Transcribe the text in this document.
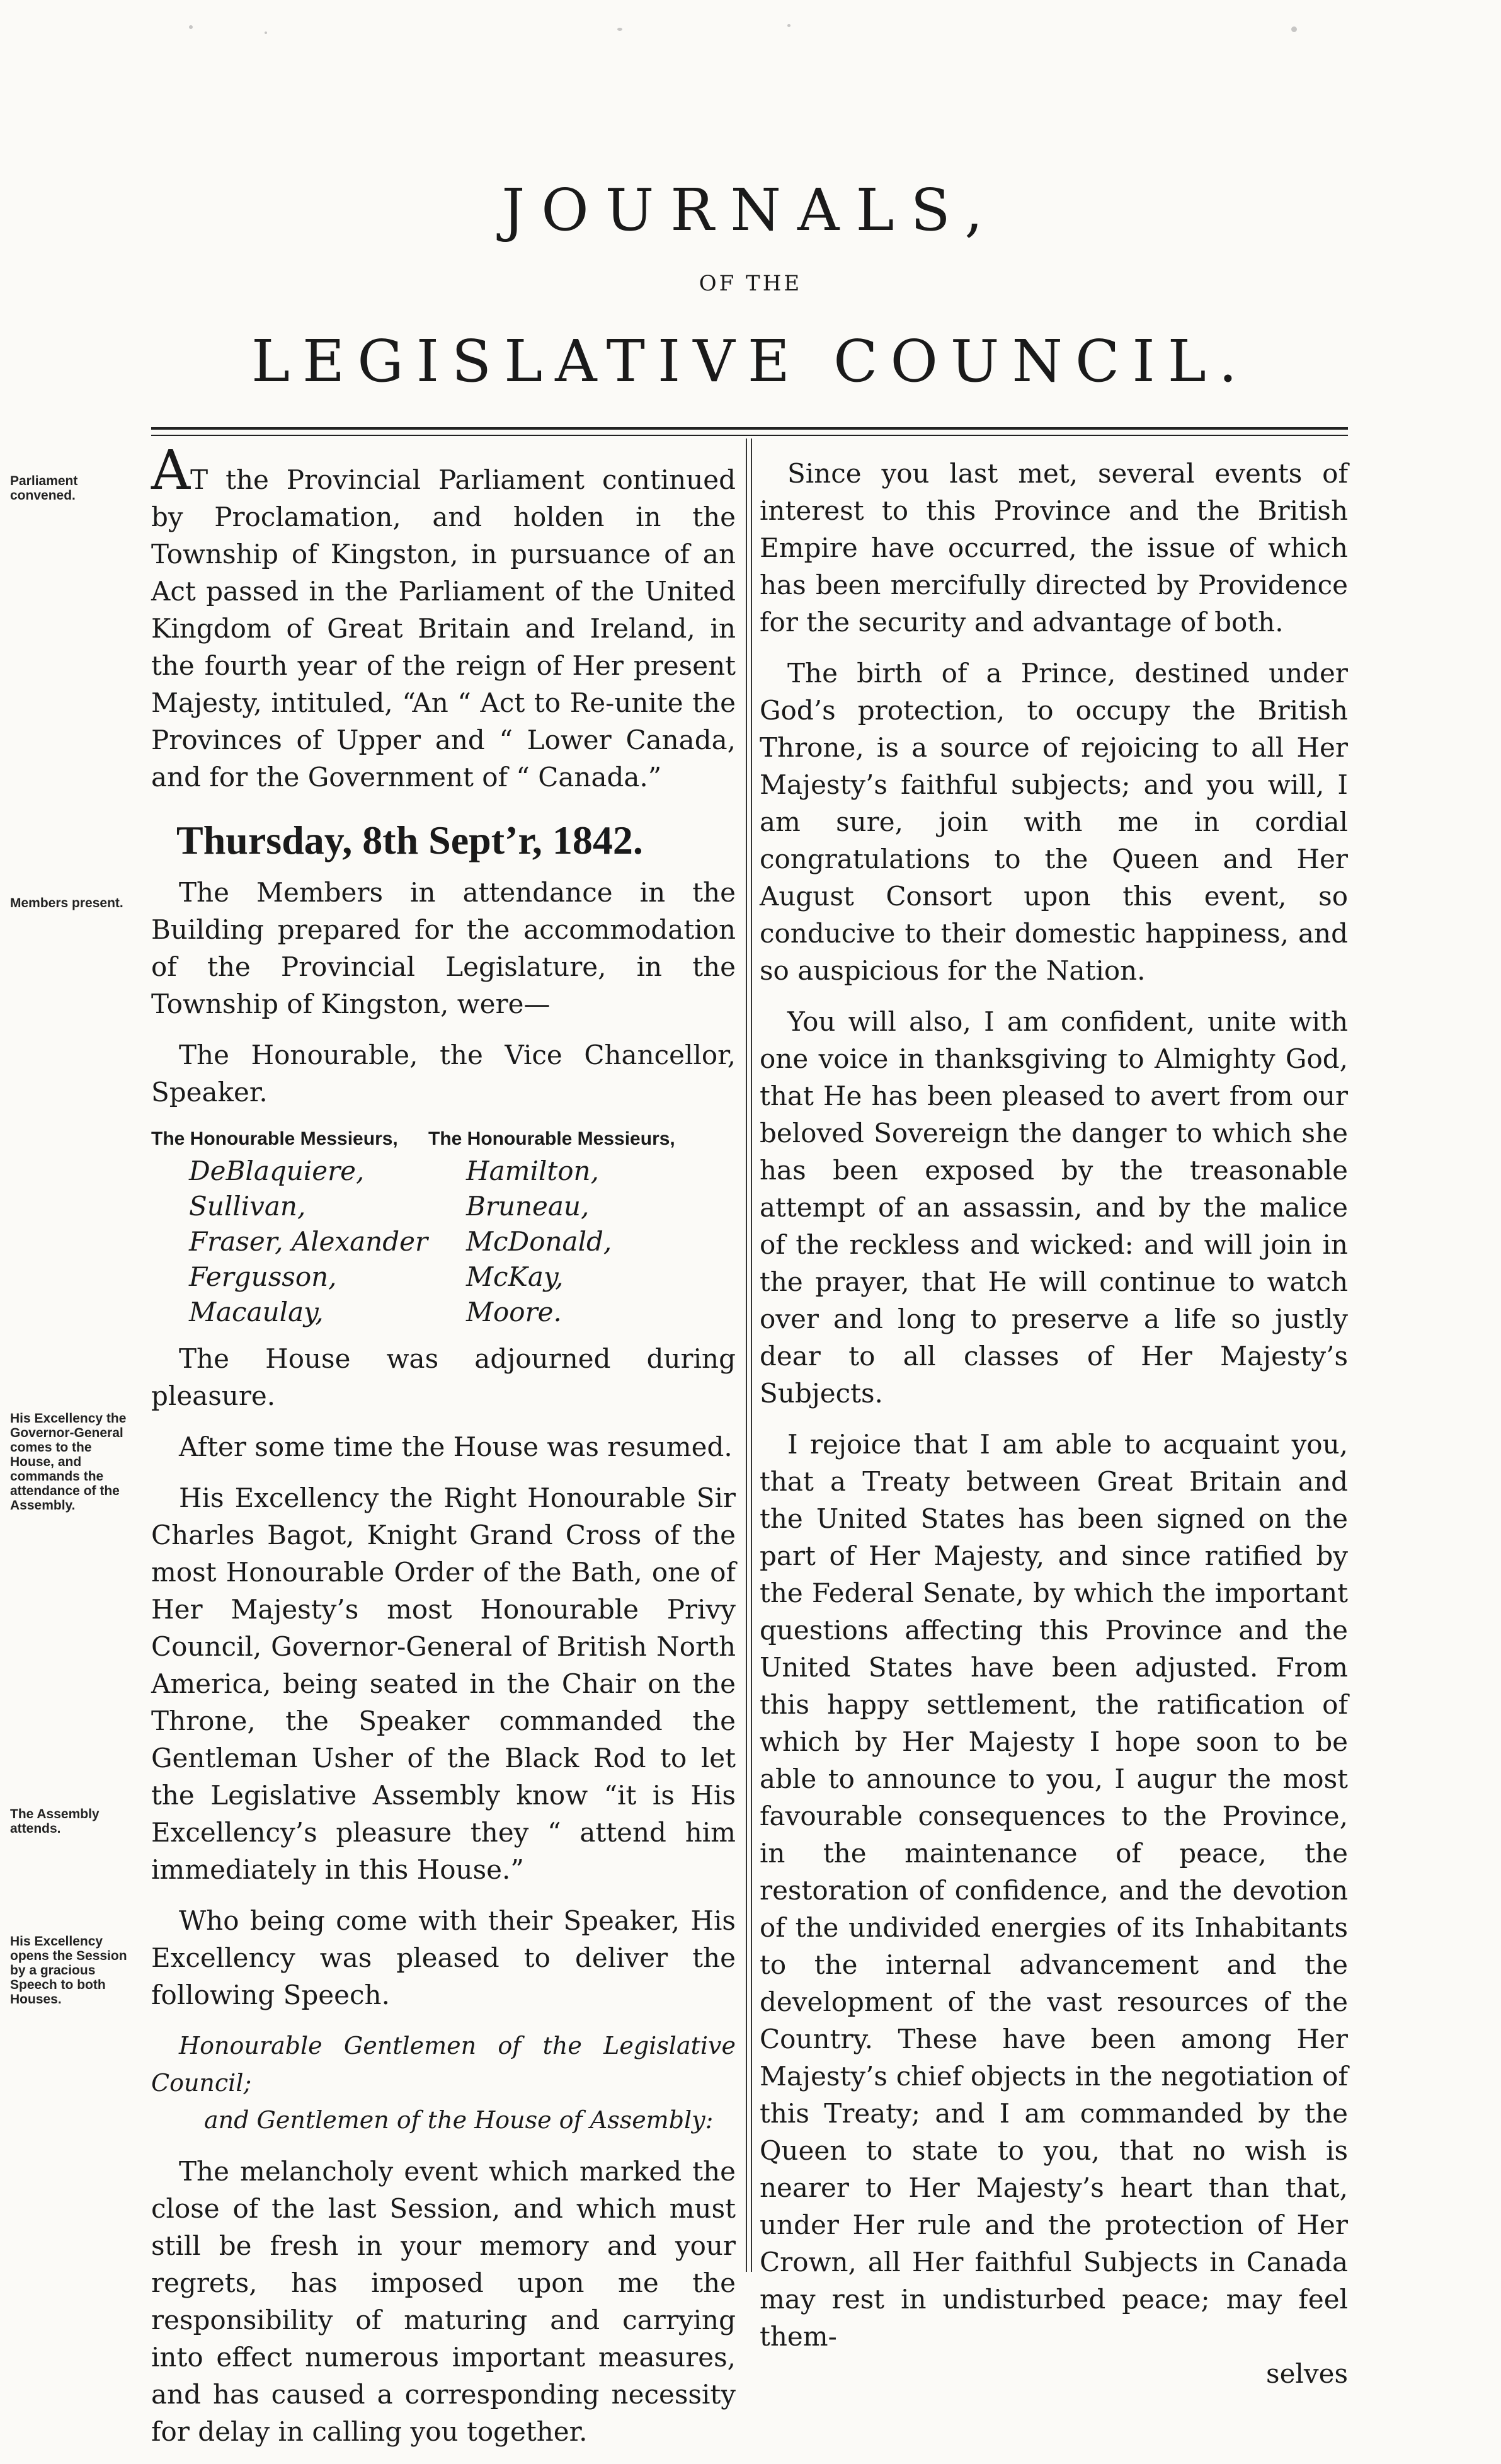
JOURNALS,
OF THE
LEGISLATIVE COUNCIL.
Parliament convened.
Members present.
His Excellency the Governor-General comes to the House, and commands the attendance of the Assembly.
The Assembly attends.
His Excellency opens the Session by a gracious Speech to both Houses.

AT the Provincial Parliament continued by Proclamation, and holden in the Township of Kingston, in pursuance of an Act passed in the Parliament of the United Kingdom of Great Britain and Ireland, in the fourth year of the reign of Her present Majesty, intituled, “An “ Act to Re-unite the Provinces of Upper and “ Lower Canada, and for the Government of “ Canada.”

Thursday, 8th Sept’r, 1842.

The Members in attendance in the Building prepared for the accommodation of the Provincial Legislature, in the Township of Kingston, were—

The Honourable, the Vice Chancellor, Speaker.

The Honourable Messieurs,	The Honourable Messieurs,
DeBlaquiere,	Hamilton,
Sullivan,	Bruneau,
Fraser, Alexander	McDonald,
Fergusson,	McKay,
Macaulay,	Moore.

The House was adjourned during pleasure.

After some time the House was resumed.

His Excellency the Right Honourable Sir Charles Bagot, Knight Grand Cross of the most Honourable Order of the Bath, one of Her Majesty’s most Honourable Privy Council, Governor-General of British North America, being seated in the Chair on the Throne, the Speaker commanded the Gentleman Usher of the Black Rod to let the Legislative Assembly know “it is His Excellency’s pleasure they “ attend him immediately in this House.”

Who being come with their Speaker, His Excellency was pleased to deliver the following Speech.

Honourable Gentlemen of the Legislative Council;
and Gentlemen of the House of Assembly:

The melancholy event which marked the close of the last Session, and which must still be fresh in your memory and your regrets, has imposed upon me the responsibility of maturing and carrying into effect numerous important measures, and has caused a corresponding necessity for delay in calling you together.

Since you last met, several events of interest to this Province and the British Empire have occurred, the issue of which has been mercifully directed by Providence for the security and advantage of both.

The birth of a Prince, destined under God’s protection, to occupy the British Throne, is a source of rejoicing to all Her Majesty’s faithful subjects; and you will, I am sure, join with me in cordial congratulations to the Queen and Her August Consort upon this event, so conducive to their domestic happiness, and so auspicious for the Nation.

You will also, I am confident, unite with one voice in thanksgiving to Almighty God, that He has been pleased to avert from our beloved Sovereign the danger to which she has been exposed by the treasonable attempt of an assassin, and by the malice of the reckless and wicked: and will join in the prayer, that He will continue to watch over and long to preserve a life so justly dear to all classes of Her Majesty’s Subjects.

I rejoice that I am able to acquaint you, that a Treaty between Great Britain and the United States has been signed on the part of Her Majesty, and since ratified by the Federal Senate, by which the important questions affecting this Province and the United States have been adjusted. From this happy settlement, the ratification of which by Her Majesty I hope soon to be able to announce to you, I augur the most favourable consequences to the Province, in the maintenance of peace, the restoration of confidence, and the devotion of the undivided energies of its Inhabitants to the internal advancement and the development of the vast resources of the Country. These have been among Her Majesty’s chief objects in the negotiation of this Treaty; and I am commanded by the Queen to state to you, that no wish is nearer to Her Majesty’s heart than that, under Her rule and the protection of Her Crown, all Her faithful Subjects in Canada may rest in undisturbed peace; may feel them-

selves
